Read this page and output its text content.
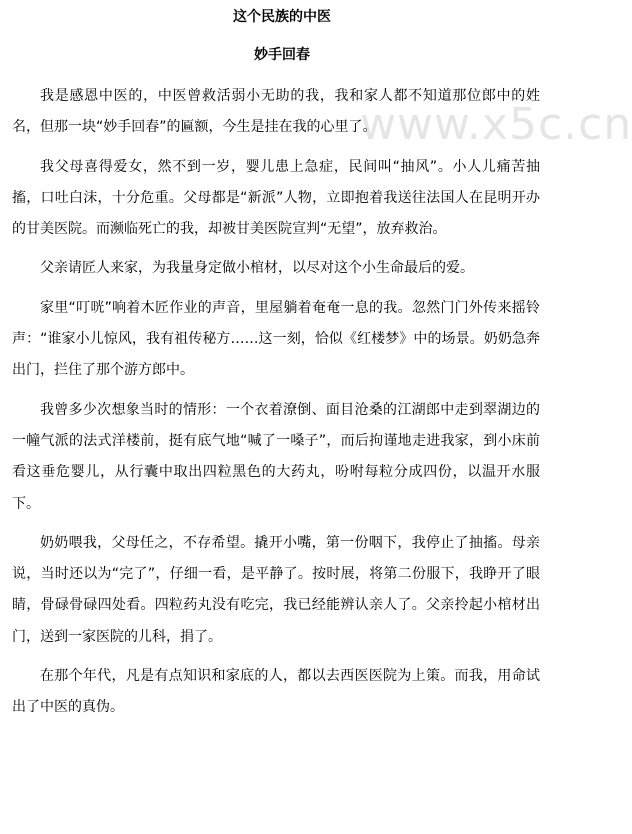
www.x5c.cn
这个民族的中医
妙手回春

我是感恩中医的，中医曾救活弱小无助的我，我和家人都不知道那位郎中的姓名，但那一块“妙手回春”的匾额，今生是挂在我的心里了。

我父母喜得爱女，然不到一岁，婴儿患上急症，民间叫“抽风”。小人儿痛苦抽搐，口吐白沫，十分危重。父母都是“新派”人物，立即抱着我送往法国人在昆明开办的甘美医院。而濒临死亡的我，却被甘美医院宣判“无望”，放弃救治。

父亲请匠人来家，为我量身定做小棺材，以尽对这个小生命最后的爱。

家里“叮咣”响着木匠作业的声音，里屋躺着奄奄一息的我。忽然门门外传来摇铃声：“谁家小儿惊风，我有祖传秘方……这一刻，恰似《红楼梦》中的场景。奶奶急奔出门，拦住了那个游方郎中。

我曾多少次想象当时的情形：一个衣着潦倒、面目沧桑的江湖郎中走到翠湖边的一幢气派的法式洋楼前，挺有底气地“喊了一嗓子”，而后拘谨地走进我家，到小床前看这垂危婴儿，从行囊中取出四粒黑色的大药丸，吩咐每粒分成四份，以温开水服下。

奶奶喂我，父母任之，不存希望。撬开小嘴，第一份咽下，我停止了抽搐。母亲说，当时还以为“完了”，仔细一看，是平静了。按时展，将第二份服下，我睁开了眼睛，骨碌骨碌四处看。四粒药丸没有吃完，我已经能辨认亲人了。父亲拎起小棺材出门，送到一家医院的儿科，捐了。

在那个年代，凡是有点知识和家底的人，都以去西医医院为上策。而我，用命试出了中医的真伪。
